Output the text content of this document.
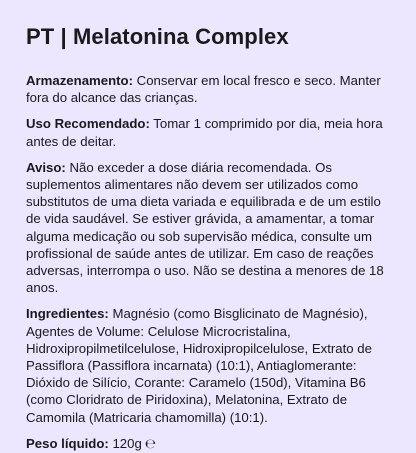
PT | Melatonina Complex

Armazenamento: Conservar em local fresco e seco. Manter fora do alcance das crianças.

Uso Recomendado: Tomar 1 comprimido por dia, meia hora antes de deitar.

Aviso: Não exceder a dose diária recomendada. Os suplementos alimentares não devem ser utilizados como substitutos de uma dieta variada e equilibrada e de um estilo de vida saudável. Se estiver grávida, a amamentar, a tomar alguma medicação ou sob supervisão médica, consulte um profissional de saúde antes de utilizar. Em caso de reações adversas, interrompa o uso. Não se destina a menores de 18 anos.

Ingredientes: Magnésio (como Bisglicinato de Magnésio), Agentes de Volume: Celulose Microcristalina, Hidroxipropilmetilcelulose, Hidroxipropilcelulose, Extrato de Passiflora (Passiflora incarnata) (10:1), Antiaglomerante: Dióxido de Silício, Corante: Caramelo (150d), Vitamina B6 (como Cloridrato de Piridoxina), Melatonina, Extrato de Camomila (Matricaria chamomilla) (10:1).

Peso líquido: 120g ℮
